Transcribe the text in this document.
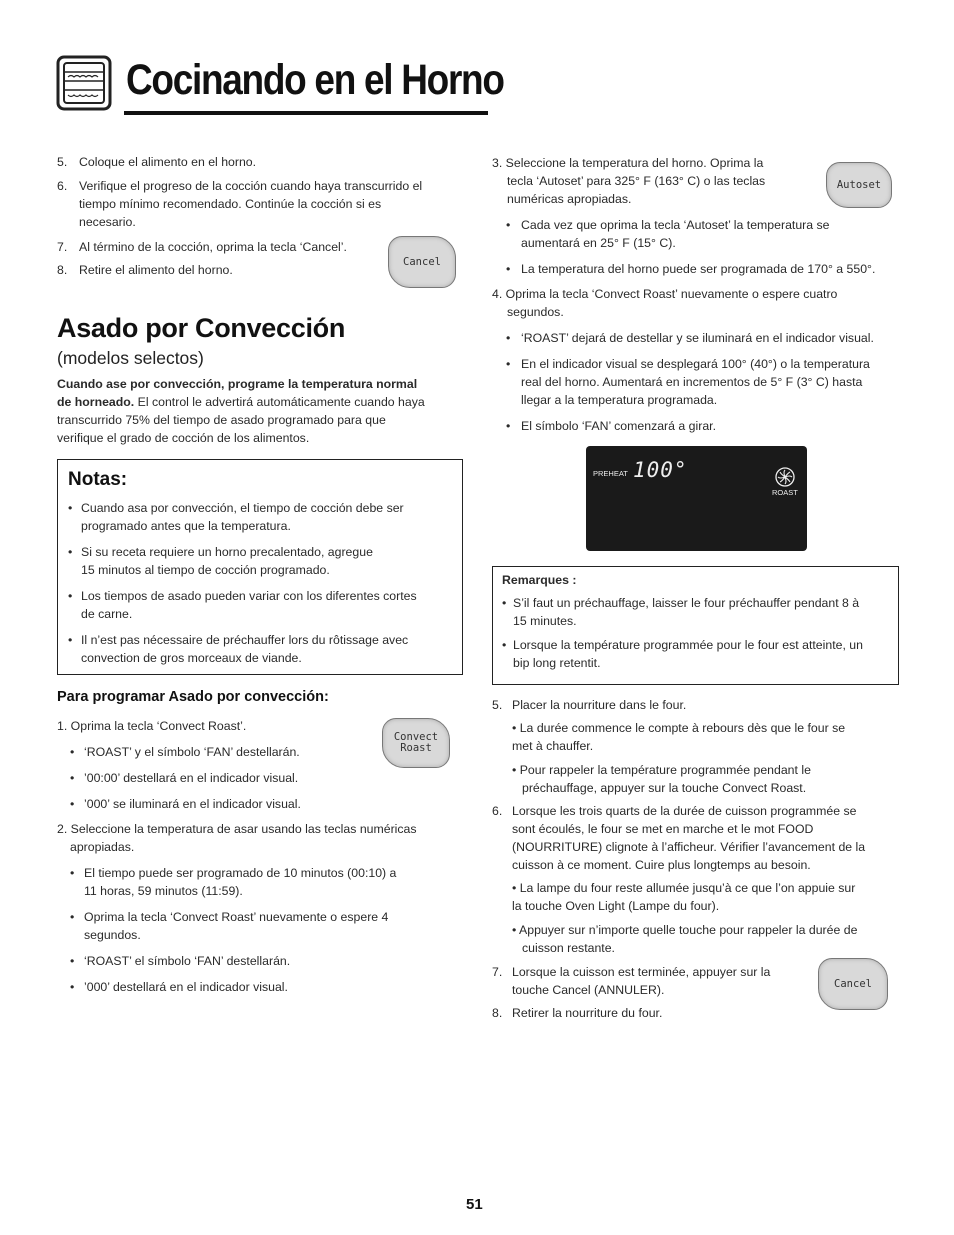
Cocinando en el Horno
5. Coloque el alimento en el horno.
6. Verifique el progreso de la cocción cuando haya transcurrido el
tiempo mínimo recomendado. Continúe la cocción si es
necesario.
7. Al término de la cocción, oprima la tecla ‘Cancel’.
8. Retire el alimento del horno.
Cancel
Asado por Convección
(modelos selectos)
Cuando ase por convección, programe la temperatura normal
de horneado. El control le advertirá automáticamente cuando haya
transcurrido 75% del tiempo de asado programado para que
verifique el grado de cocción de los alimentos.
Notas:
• Cuando asa por convección, el tiempo de cocción debe ser
programado antes que la temperatura.
• Si su receta requiere un horno precalentado, agregue
15 minutos al tiempo de cocción programado.
• Los tiempos de asado pueden variar con los diferentes cortes
de carne.
• Il n’est pas nécessaire de préchauffer lors du rôtissage avec
convection de gros morceaux de viande.
Para programar Asado por convección:
1. Oprima la tecla ‘Convect Roast’.
Convect
Roast
• ‘ROAST’ y el símbolo ‘FAN’ destellarán.
• ’00:00’ destellará en el indicador visual.
• ’000’ se iluminará en el indicador visual.
2. Seleccione la temperatura de asar usando las teclas numéricas
apropiadas.
• El tiempo puede ser programado de 10 minutos (00:10) a
11 horas, 59 minutos (11:59).
• Oprima la tecla ‘Convect Roast’ nuevamente o espere 4
segundos.
• ‘ROAST’ el símbolo ‘FAN’ destellarán.
• ’000’ destellará en el indicador visual.
3. Seleccione la temperatura del horno. Oprima la
tecla ‘Autoset’ para 325° F (163° C) o las teclas
numéricas apropiadas.
Autoset
• Cada vez que oprima la tecla ‘Autoset’ la temperatura se
aumentará en 25° F (15° C).
• La temperatura del horno puede ser programada de 170° a 550°.
4. Oprima la tecla ‘Convect Roast’ nuevamente o espere cuatro
segundos.
• ‘ROAST’ dejará de destellar y se iluminará en el indicador visual.
• En el indicador visual se desplegará 100° (40°) o la temperatura
real del horno. Aumentará en incrementos de 5° F (3° C) hasta
llegar a la temperatura programada.
• El símbolo ‘FAN’ comenzará a girar.
PREHEAT 100°
ROAST
Remarques :
• S’il faut un préchauffage, laisser le four préchauffer pendant 8 à
15 minutes.
• Lorsque la température programmée pour le four est atteinte, un
bip long retentit.
5. Placer la nourriture dans le four.
• La durée commence le compte à rebours dès que le four se
met à chauffer.
• Pour rappeler la température programmée pendant le
préchauffage, appuyer sur la touche Convect Roast.
6. Lorsque les trois quarts de la durée de cuisson programmée se
sont écoulés, le four se met en marche et le mot FOOD
(NOURRITURE) clignote à l’afficheur. Vérifier l’avancement de la
cuisson à ce moment. Cuire plus longtemps au besoin.
• La lampe du four reste allumée jusqu’à ce que l’on appuie sur
la touche Oven Light (Lampe du four).
• Appuyer sur n’importe quelle touche pour rappeler la durée de
cuisson restante.
7. Lorsque la cuisson est terminée, appuyer sur la
touche Cancel (ANNULER).	Cancel
8. Retirer la nourriture du four.
51
